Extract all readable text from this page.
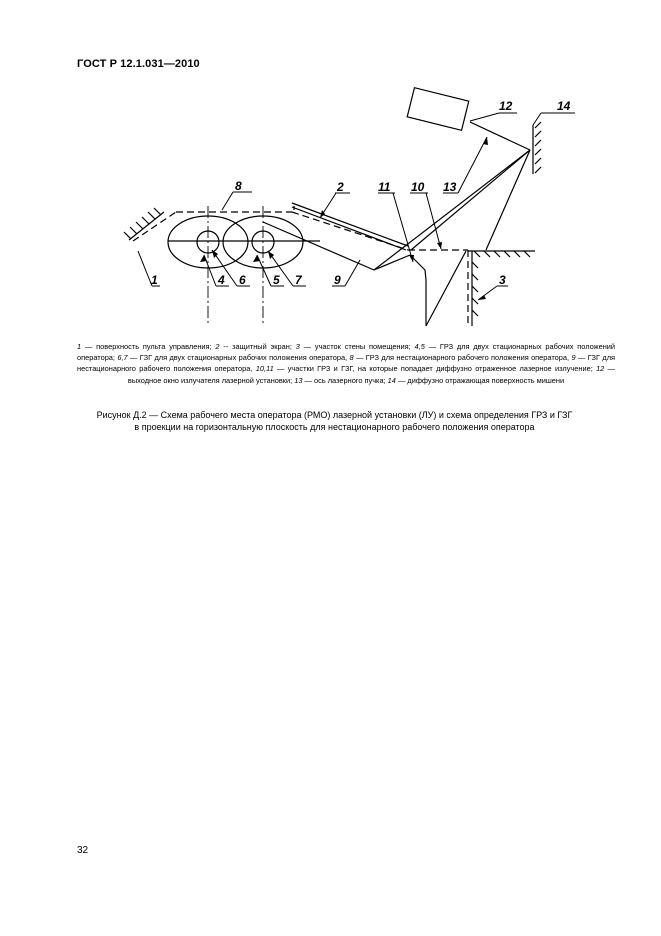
ГОСТ Р 12.1.031—2010
1
2
3
4	5
6	7
8
9
10
11
12
13
14
1 — поверхность пульта управления; 2 -- защитный экран; 3 — участок стены помещения; 4,5 — ГРЗ для двух стационарных рабочих положений оператора; 6,7 — ГЗГ для двух стационарных рабочих положения оператора, 8 — ГРЗ для нестационарного рабочего положения оператора, 9 — ГЗГ для нестационарного рабочего положения оператора, 10,11 — участки ГРЗ и ГЗГ, на которые попадает диффузно отраженное лазерное излучение; 12 — выходное окно излучателя лазерной установки; 13 — ось лазерного пучка; 14 — диффузно отражающая поверхность мишени
Рисунок Д.2 — Схема рабочего места оператора (РМО) лазерной установки (ЛУ) и схема определения ГРЗ и ГЗГ
в проекции на горизонтальную плоскость для нестационарного рабочего положения оператора
32
